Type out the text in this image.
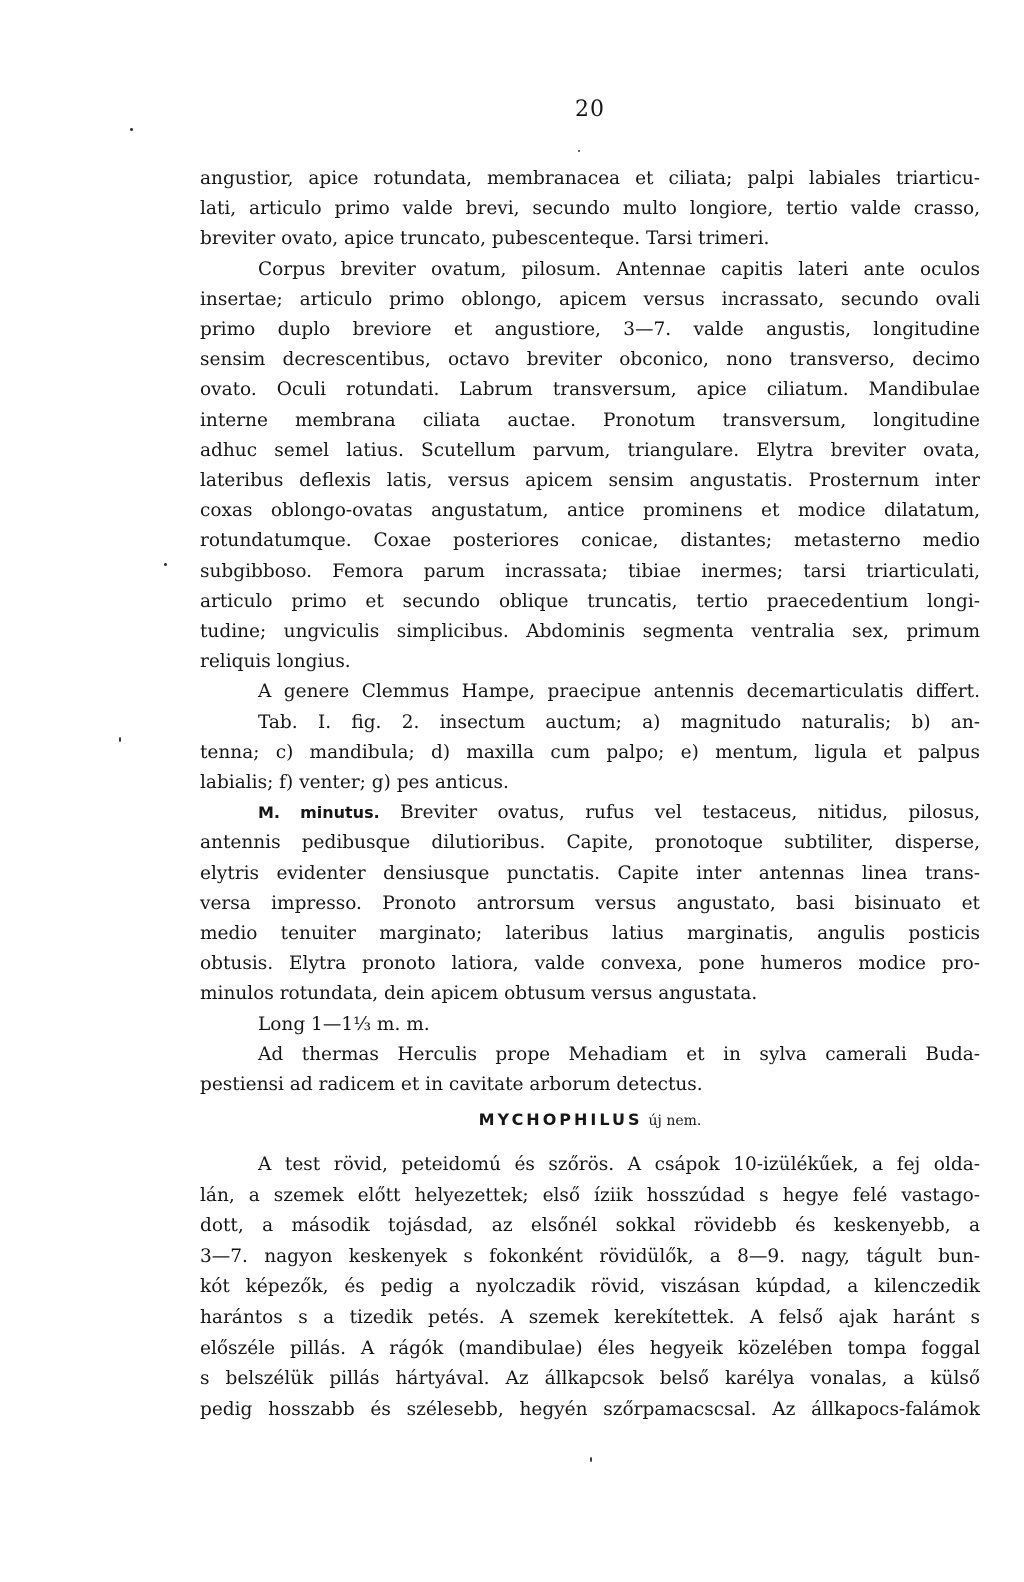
20

angustior, apice rotundata, membranacea et ciliata; palpi labiales triarticu-

lati, articulo primo valde brevi, secundo multo longiore, tertio valde crasso,

breviter ovato, apice truncato, pubescenteque. Tarsi trimeri.

Corpus breviter ovatum, pilosum. Antennae capitis lateri ante oculos

insertae; articulo primo oblongo, apicem versus incrassato, secundo ovali

primo duplo breviore et angustiore, 3—7. valde angustis, longitudine

sensim decrescentibus, octavo breviter obconico, nono transverso, decimo

ovato. Oculi rotundati. Labrum transversum, apice ciliatum. Mandibulae

interne membrana ciliata auctae. Pronotum transversum, longitudine

adhuc semel latius. Scutellum parvum, triangulare. Elytra breviter ovata,

lateribus deflexis latis, versus apicem sensim angustatis. Prosternum inter

coxas oblongo-ovatas angustatum, antice prominens et modice dilatatum,

rotundatumque. Coxae posteriores conicae, distantes; metasterno medio

subgibboso. Femora parum incrassata; tibiae inermes; tarsi triarticulati,

articulo primo et secundo oblique truncatis, tertio praecedentium longi-

tudine; ungviculis simplicibus. Abdominis segmenta ventralia sex, primum

reliquis longius.

A genere Clemmus Hampe, praecipue antennis decemarticulatis differt.

Tab. I. fig. 2. insectum auctum; a) magnitudo naturalis; b) an-

tenna; c) mandibula; d) maxilla cum palpo; e) mentum, ligula et palpus

labialis; f) venter; g) pes anticus.

M. minutus. Breviter ovatus, rufus vel testaceus, nitidus, pilosus,

antennis pedibusque dilutioribus. Capite, pronotoque subtiliter, disperse,

elytris evidenter densiusque punctatis. Capite inter antennas linea trans-

versa impresso. Pronoto antrorsum versus angustato, basi bisinuato et

medio tenuiter marginato; lateribus latius marginatis, angulis posticis

obtusis. Elytra pronoto latiora, valde convexa, pone humeros modice pro-

minulos rotundata, dein apicem obtusum versus angustata.

Long 1—1⅓ m. m.

Ad thermas Herculis prope Mehadiam et in sylva camerali Buda-

pestiensi ad radicem et in cavitate arborum detectus.

MYCHOPHILUS új nem.

A test rövid, peteidomú és szőrös. A csápok 10-izülékűek, a fej olda-

lán, a szemek előtt helyezettek; első íziik hosszúdad s hegye felé vastago-

dott, a második tojásdad, az elsőnél sokkal rövidebb és keskenyebb, a

3—7. nagyon keskenyek s fokonként rövidülők, a 8—9. nagy, tágult bun-

kót képezők, és pedig a nyolczadik rövid, viszásan kúpdad, a kilenczedik

harántos s a tizedik petés. A szemek kerekítettek. A felső ajak haránt s

előszéle pillás. A rágók (mandibulae) éles hegyeik közelében tompa foggal

s belszélük pillás hártyával. Az állkapcsok belső karélya vonalas, a külső

pedig hosszabb és szélesebb, hegyén szőrpamacscsal. Az állkapocs-falámok
